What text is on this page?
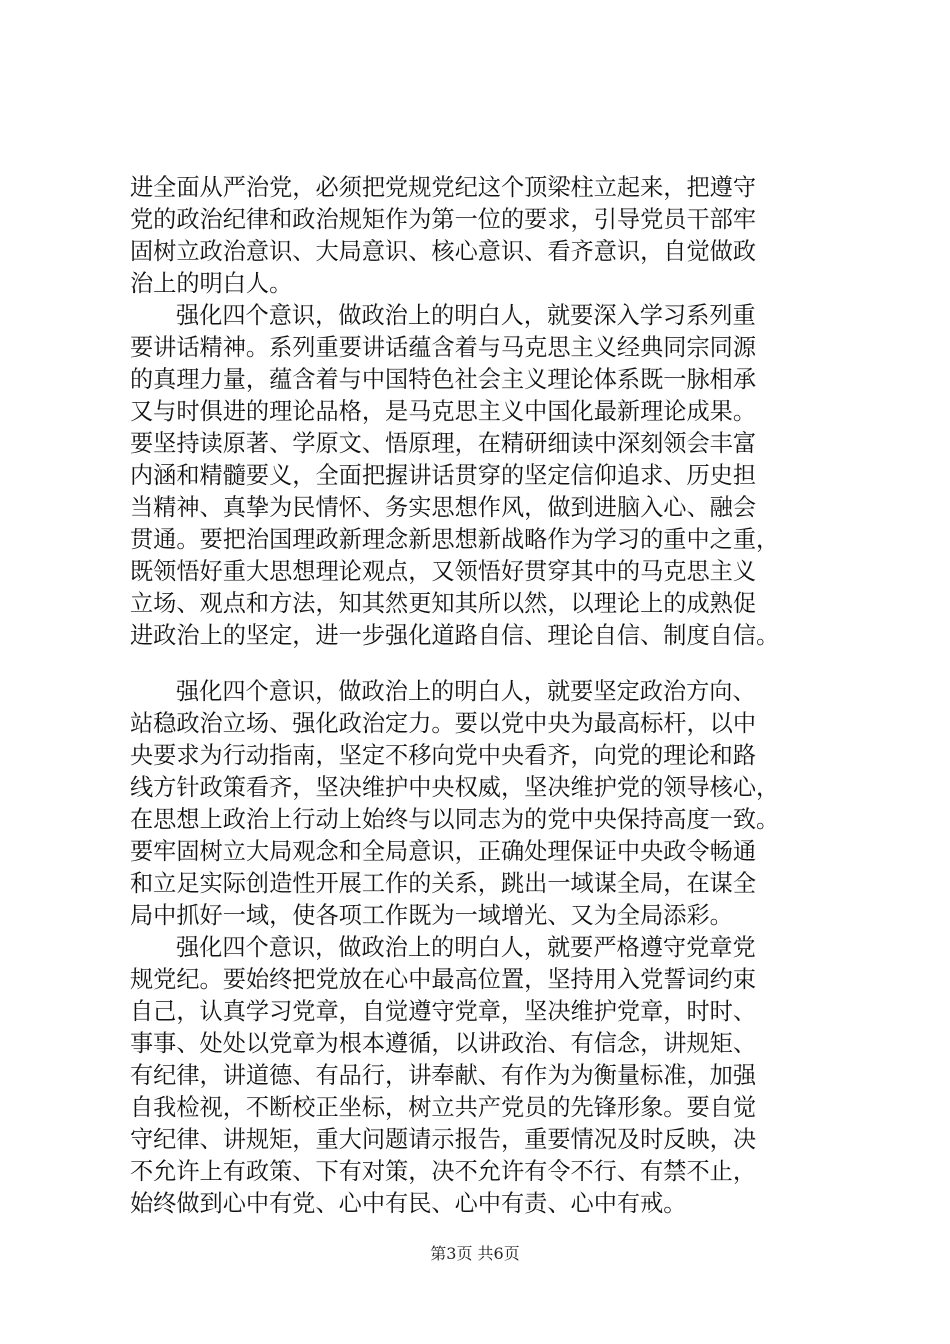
进全面从严治党，必须把党规党纪这个顶梁柱立起来，把遵守
党的政治纪律和政治规矩作为第一位的要求，引导党员干部牢
固树立政治意识、大局意识、核心意识、看齐意识，自觉做政
治上的明白人。
强化四个意识，做政治上的明白人，就要深入学习系列重
要讲话精神。系列重要讲话蕴含着与马克思主义经典同宗同源
的真理力量，蕴含着与中国特色社会主义理论体系既一脉相承
又与时俱进的理论品格，是马克思主义中国化最新理论成果。
要坚持读原著、学原文、悟原理，在精研细读中深刻领会丰富
内涵和精髓要义，全面把握讲话贯穿的坚定信仰追求、历史担
当精神、真挚为民情怀、务实思想作风，做到进脑入心、融会
贯通。要把治国理政新理念新思想新战略作为学习的重中之重，
既领悟好重大思想理论观点，又领悟好贯穿其中的马克思主义
立场、观点和方法，知其然更知其所以然，以理论上的成熟促
进政治上的坚定，进一步强化道路自信、理论自信、制度自信。
强化四个意识，做政治上的明白人，就要坚定政治方向、
站稳政治立场、强化政治定力。要以党中央为最高标杆，以中
央要求为行动指南，坚定不移向党中央看齐，向党的理论和路
线方针政策看齐，坚决维护中央权威，坚决维护党的领导核心，
在思想上政治上行动上始终与以同志为的党中央保持高度一致。
要牢固树立大局观念和全局意识，正确处理保证中央政令畅通
和立足实际创造性开展工作的关系，跳出一域谋全局，在谋全
局中抓好一域，使各项工作既为一域增光、又为全局添彩。
强化四个意识，做政治上的明白人，就要严格遵守党章党
规党纪。要始终把党放在心中最高位置，坚持用入党誓词约束
自己，认真学习党章，自觉遵守党章，坚决维护党章，时时、
事事、处处以党章为根本遵循，以讲政治、有信念，讲规矩、
有纪律，讲道德、有品行，讲奉献、有作为为衡量标准，加强
自我检视，不断校正坐标，树立共产党员的先锋形象。要自觉
守纪律、讲规矩，重大问题请示报告，重要情况及时反映，决
不允许上有政策、下有对策，决不允许有令不行、有禁不止，
始终做到心中有党、心中有民、心中有责、心中有戒。
第3页 共6页
